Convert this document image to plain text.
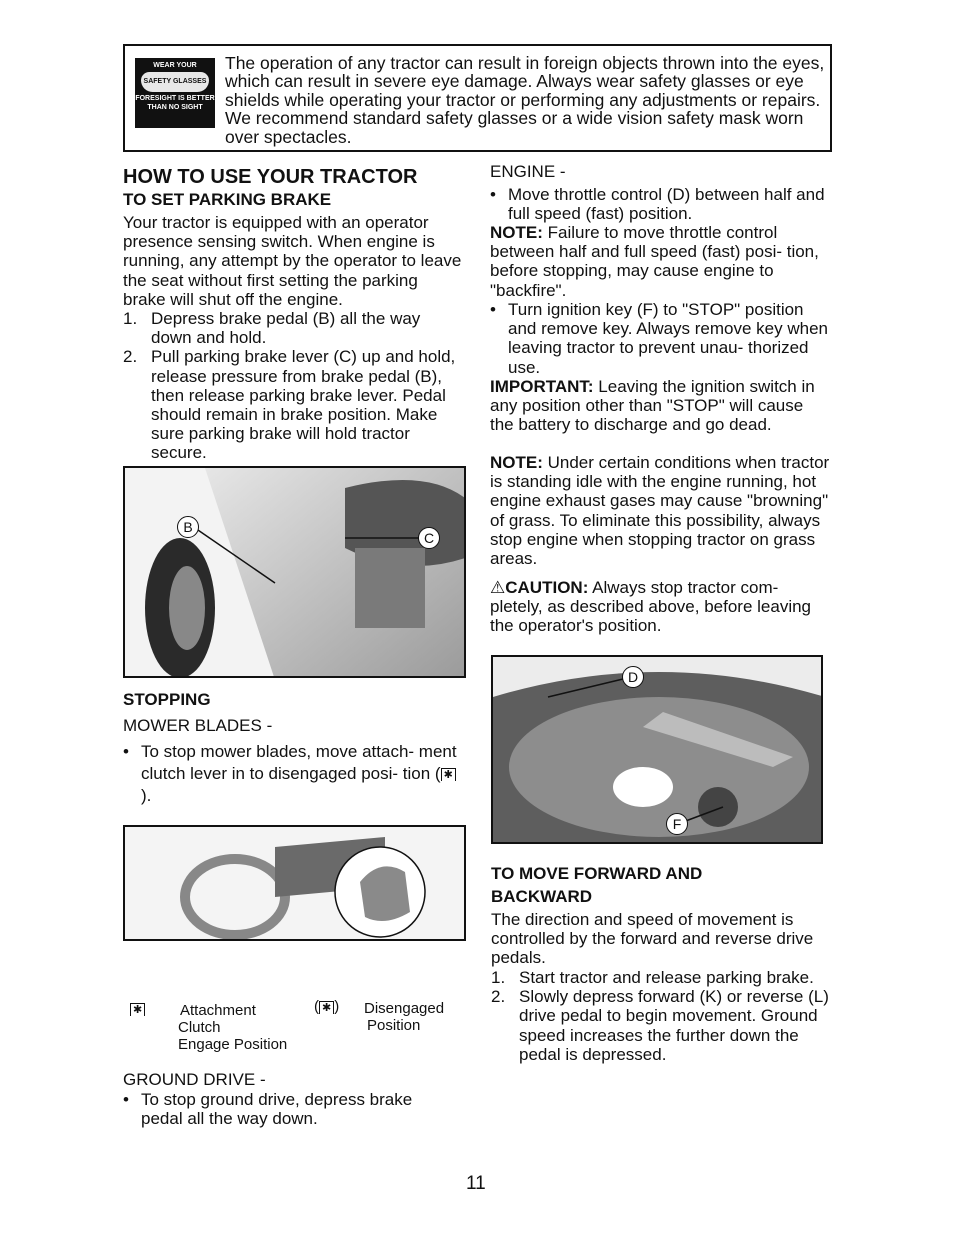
WEAR YOUR
SAFETY GLASSES
FORESIGHT IS BETTER
THAN NO SIGHT
The operation of any tractor can result in foreign objects thrown into the eyes, which can result in severe eye damage. Always wear safety glasses or eye shields while operating your tractor or performing any adjustments or repairs. We recommend standard safety glasses or a wide vision safety mask worn over spectacles.
HOW TO USE YOUR TRACTOR
TO SET PARKING BRAKE
Your tractor is equipped with an operator presence sensing switch. When engine is running, any attempt by the operator to leave the seat without first setting the parking brake will shut off the engine.
1. Depress brake pedal (B) all the way down and hold.
2. Pull parking brake lever (C) up and hold, release pressure from brake pedal (B), then release parking brake lever. Pedal should remain in brake position. Make sure parking brake will hold tractor secure.
B
C
STOPPING
MOWER BLADES -
• To stop mower blades, move attach- ment clutch lever in to disengaged posi- tion ( ✱).
✱	Attachment
Clutch
Engage Position
( ✱ ) Disengaged
Position
GROUND DRIVE -
• To stop ground drive, depress brake pedal all the way down.
ENGINE -
• Move throttle control (D) between half and full speed (fast) position.
NOTE: Failure to move throttle control between half and full speed (fast) posi- tion, before stopping, may cause engine to "backfire".
• Turn ignition key (F) to "STOP" position and remove key. Always remove key when leaving tractor to prevent unau- thorized use.
IMPORTANT: Leaving the ignition switch in any position other than "STOP" will cause the battery to discharge and go dead.
NOTE: Under certain conditions when tractor is standing idle with the engine running, hot engine exhaust gases may cause "browning" of grass. To eliminate this possibility, always stop engine when stopping tractor on grass areas.
⚠CAUTION: Always stop tractor com- pletely, as described above, before leaving the operator's position.
D
F
TO MOVE FORWARD AND
BACKWARD
The direction and speed of movement is controlled by the forward and reverse drive pedals.
1. Start tractor and release parking brake.
2. Slowly depress forward (K) or reverse (L) drive pedal to begin movement. Ground speed increases the further down the pedal is depressed.
11
